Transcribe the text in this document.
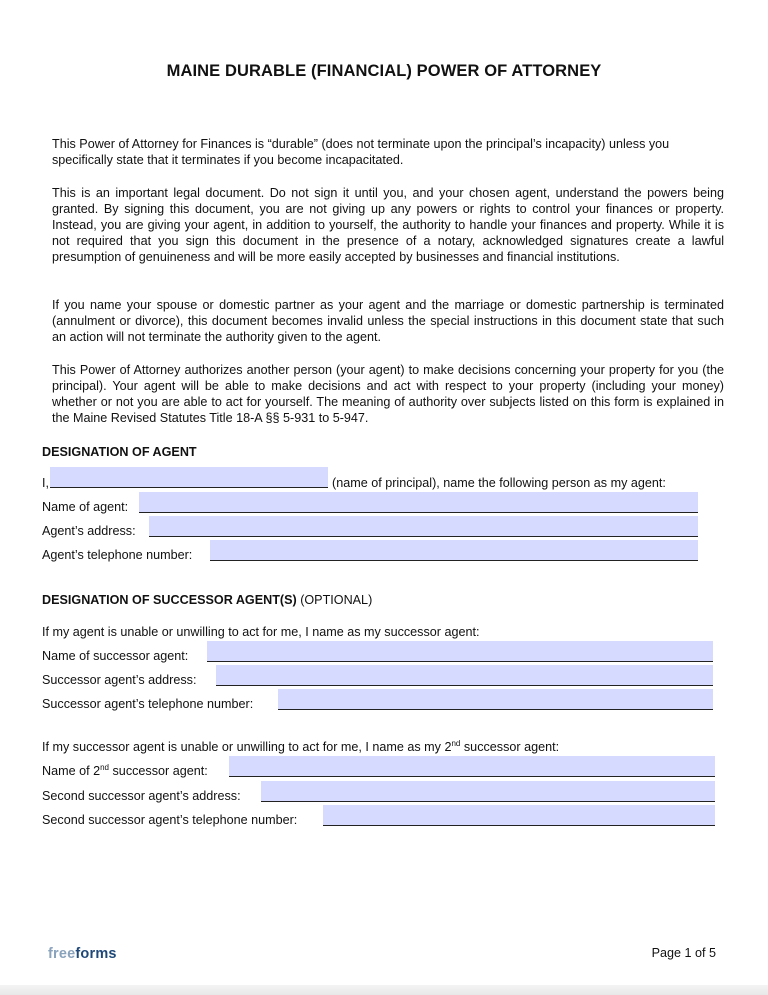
MAINE DURABLE (FINANCIAL) POWER OF ATTORNEY

This Power of Attorney for Finances is “durable” (does not terminate upon the principal’s incapacity) unless you specifically state that it terminates if you become incapacitated.

This is an important legal document. Do not sign it until you, and your chosen agent, understand the powers being granted. By signing this document, you are not giving up any powers or rights to control your finances or property. Instead, you are giving your agent, in addition to yourself, the authority to handle your finances and property. While it is not required that you sign this document in the presence of a notary, acknowledged signatures create a lawful presumption of genuineness and will be more easily accepted by businesses and financial institutions.

If you name your spouse or domestic partner as your agent and the marriage or domestic partnership is terminated (annulment or divorce), this document becomes invalid unless the special instructions in this document state that such an action will not terminate the authority given to the agent.

This Power of Attorney authorizes another person (your agent) to make decisions concerning your property for you (the principal). Your agent will be able to make decisions and act with respect to your property (including your money) whether or not you are able to act for yourself. The meaning of authority over subjects listed on this form is explained in the Maine Revised Statutes Title 18-A §§ 5-931 to 5-947.

DESIGNATION OF AGENT
I,	(name of principal), name the following person as my agent:
Name of agent:
Agent’s address:
Agent’s telephone number:
DESIGNATION OF SUCCESSOR AGENT(S) (OPTIONAL)
If my agent is unable or unwilling to act for me, I name as my successor agent:
Name of successor agent:
Successor agent’s address:
Successor agent’s telephone number:
If my successor agent is unable or unwilling to act for me, I name as my 2nd successor agent:
Name of 2nd successor agent:
Second successor agent’s address:
Second successor agent’s telephone number:
freeforms	Page 1 of 5
